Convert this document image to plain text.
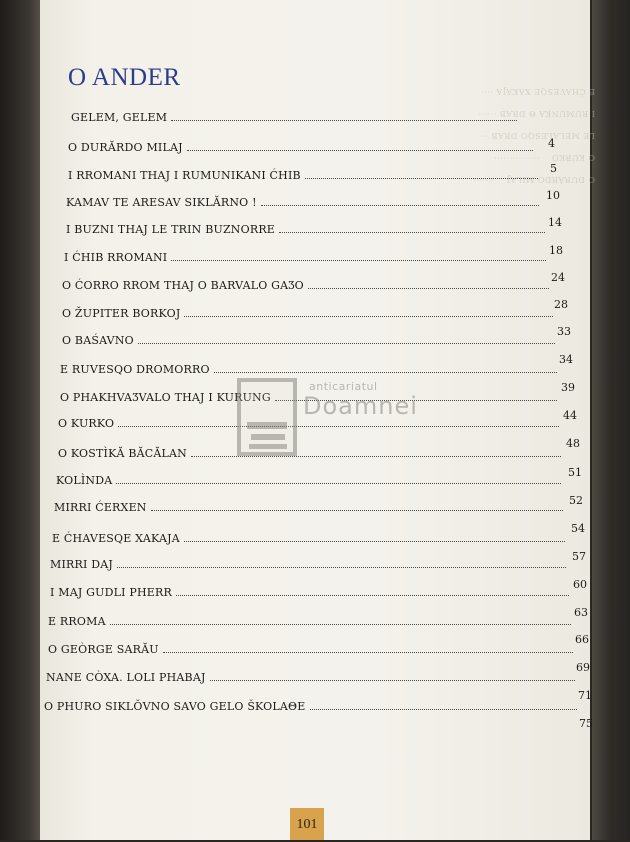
O DURĂRDO MILAJ    ·······
O KURKO    ···············
LE MELALESQO DRAB ···
I RUMUNKA Θ DRAB ······
E ĆHAVESQE XAKAJA ····
O ANDER
GELEM, GELEM
O DURĂRDO MILAJ	4
I RROMANI THAJ I RUMUNIKANI ĆHIB
5
KAMAV TE ARESAV SIKLĂRNO !
10
I BUZNI THAJ LE TRIN BUZNORRE
14
I ĆHIB RROMANI
18
O ĆORRO RROM THAJ O BARVALO GAƷO
24
O ŽUPITER BORKOJ
28
O BAŚAVNO
33
E RUVESQO DROMORRO
34
O PHAKHVAƷVALO THAJ I KURUNG
39
O KURKO
44
O KOSTÌKĂ BĂCĂLAN
48
KOLÌNDA
51
MIRRI ĆERXEN
52
E ĆHAVESQE XAKAJA
54
MIRRI DAJ
57
I MAJ GUDLI PHERR
60
E RROMA
63
O GEÒRGE SARĂU
66
NANE CÒXA. LOLI PHABAJ
69
O PHURO SIKLŎVNO SAVO GELO ŠKOLAΘE
71
75
anticariatul
Doamnei
101
